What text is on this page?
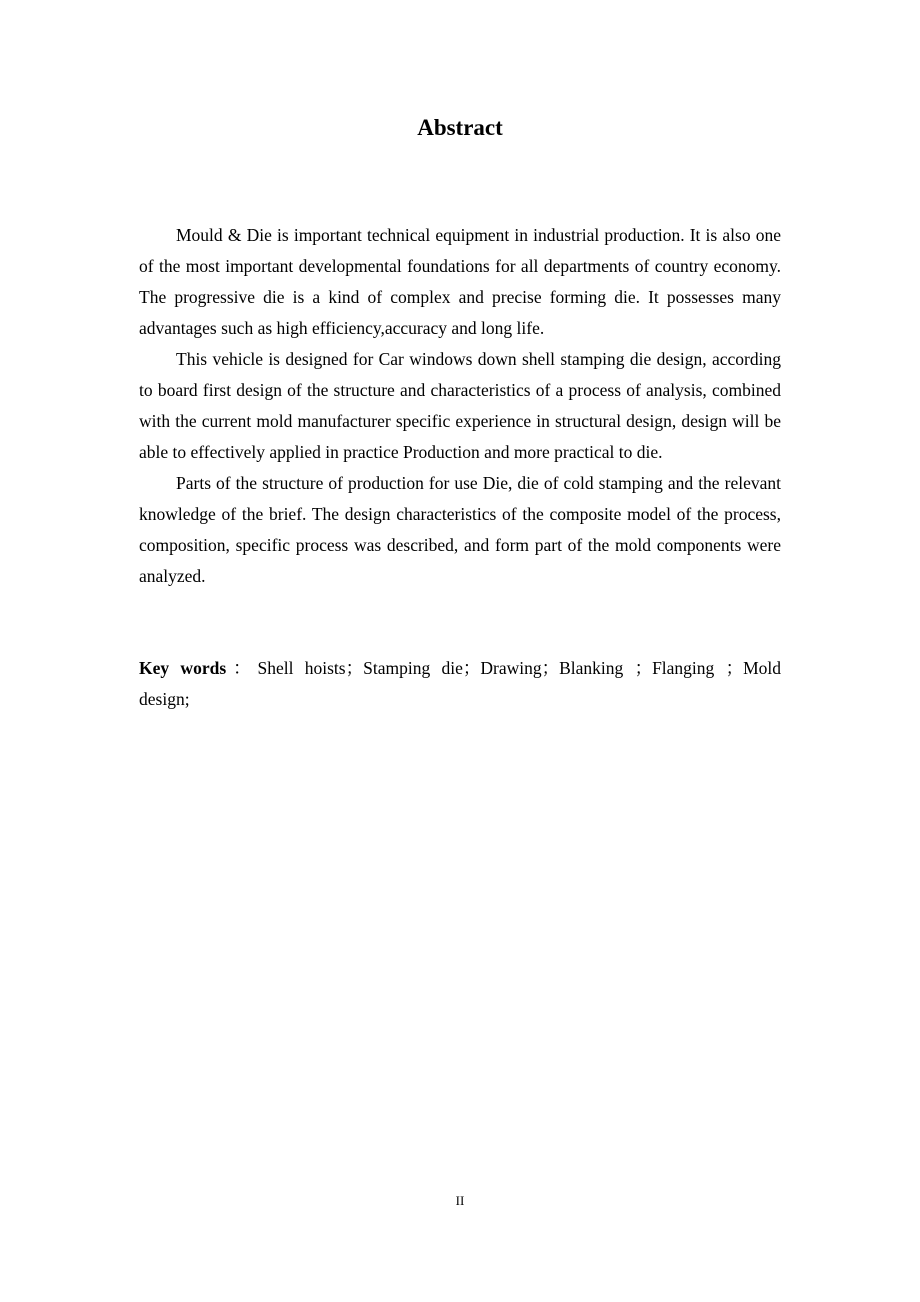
Abstract

Mould & Die is important technical equipment in industrial production. It is also one of the most important developmental foundations for all departments of country economy. The progressive die is a kind of complex and precise forming die. It possesses many advantages such as high efficiency,accuracy and long life.

This vehicle is designed for Car windows down shell stamping die design, according to board first design of the structure and characteristics of a process of analysis, combined with the current mold manufacturer specific experience in structural design, design will be able to effectively applied in practice Production and more practical to die.

Parts of the structure of production for use Die, die of cold stamping and the relevant knowledge of the brief. The design characteristics of the composite model of the process, composition, specific process was described, and form part of the mold components were analyzed.

Key words：Shell hoists；Stamping die；Drawing；Blanking ；Flanging ；Mold design;

II
